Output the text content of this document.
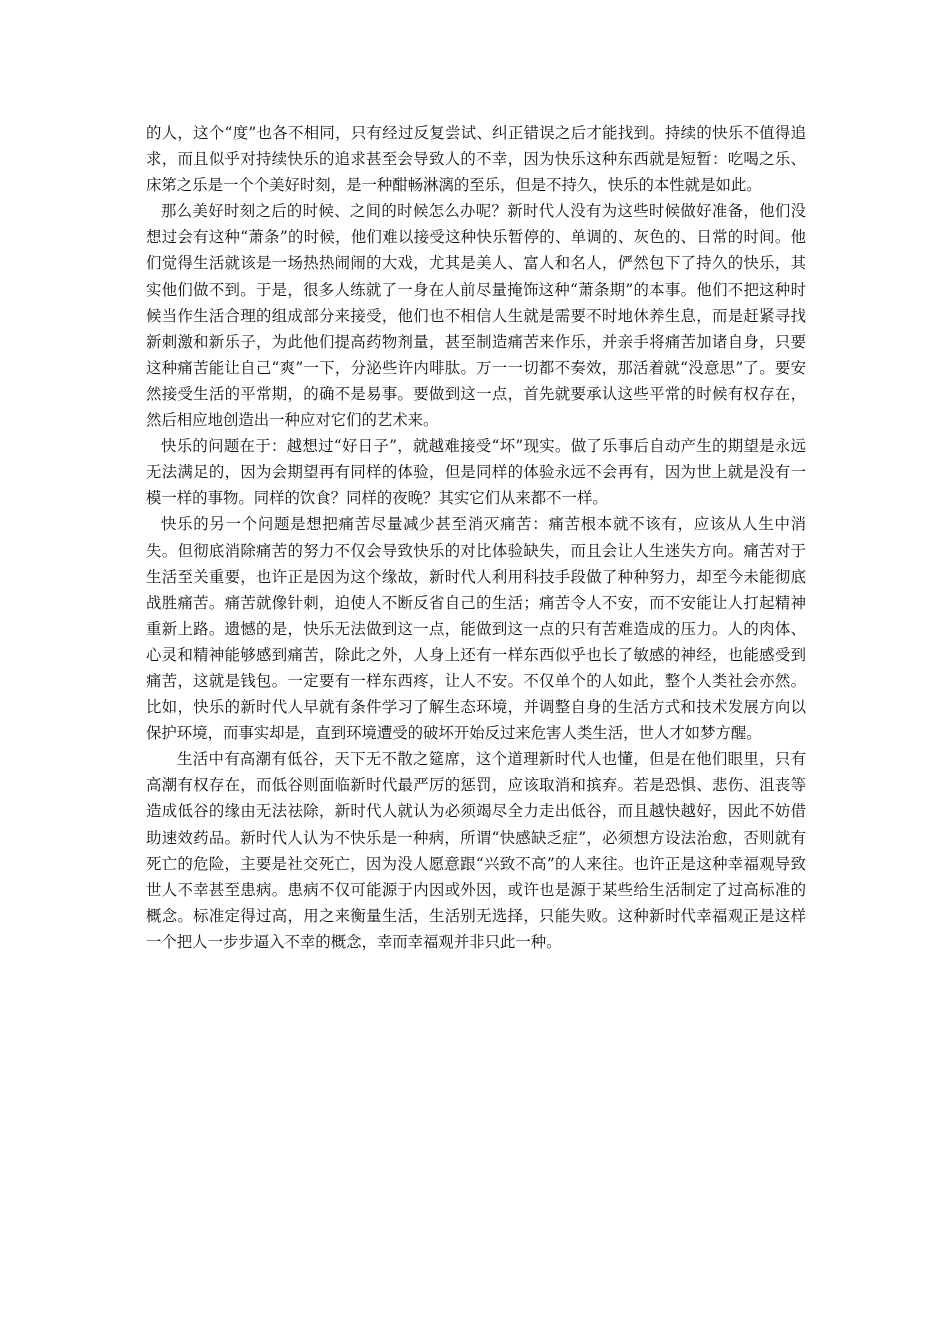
的人，这个“度”也各不相同，只有经过反复尝试、纠正错误之后才能找到。持续的快乐不值得追求，而且似乎对持续快乐的追求甚至会导致人的不幸，因为快乐这种东西就是短暂：吃喝之乐、床笫之乐是一个个美好时刻，是一种酣畅淋漓的至乐，但是不持久，快乐的本性就是如此。

那么美好时刻之后的时候、之间的时候怎么办呢？新时代人没有为这些时候做好准备，他们没想过会有这种“萧条”的时候，他们难以接受这种快乐暂停的、单调的、灰色的、日常的时间。他们觉得生活就该是一场热热闹闹的大戏，尤其是美人、富人和名人，俨然包下了持久的快乐，其实他们做不到。于是，很多人练就了一身在人前尽量掩饰这种“萧条期”的本事。他们不把这种时候当作生活合理的组成部分来接受，他们也不相信人生就是需要不时地休养生息，而是赶紧寻找新刺激和新乐子，为此他们提高药物剂量，甚至制造痛苦来作乐，并亲手将痛苦加诸自身，只要这种痛苦能让自己“爽”一下，分泌些许内啡肽。万一一切都不奏效，那活着就“没意思”了。要安然接受生活的平常期，的确不是易事。要做到这一点，首先就要承认这些平常的时候有权存在，然后相应地创造出一种应对它们的艺术来。

快乐的问题在于：越想过“好日子”，就越难接受“坏”现实。做了乐事后自动产生的期望是永远无法满足的，因为会期望再有同样的体验，但是同样的体验永远不会再有，因为世上就是没有一模一样的事物。同样的饮食？同样的夜晚？其实它们从来都不一样。

快乐的另一个问题是想把痛苦尽量减少甚至消灭痛苦：痛苦根本就不该有，应该从人生中消失。但彻底消除痛苦的努力不仅会导致快乐的对比体验缺失，而且会让人生迷失方向。痛苦对于生活至关重要，也许正是因为这个缘故，新时代人利用科技手段做了种种努力，却至今未能彻底战胜痛苦。痛苦就像针刺，迫使人不断反省自己的生活；痛苦令人不安，而不安能让人打起精神重新上路。遗憾的是，快乐无法做到这一点，能做到这一点的只有苦难造成的压力。人的肉体、心灵和精神能够感到痛苦，除此之外，人身上还有一样东西似乎也长了敏感的神经，也能感受到痛苦，这就是钱包。一定要有一样东西疼，让人不安。不仅单个的人如此，整个人类社会亦然。比如，快乐的新时代人早就有条件学习了解生态环境，并调整自身的生活方式和技术发展方向以保护环境，而事实却是，直到环境遭受的破坏开始反过来危害人类生活，世人才如梦方醒。

生活中有高潮有低谷，天下无不散之筵席，这个道理新时代人也懂，但是在他们眼里，只有高潮有权存在，而低谷则面临新时代最严厉的惩罚，应该取消和摈弃。若是恐惧、悲伤、沮丧等造成低谷的缘由无法祛除，新时代人就认为必须竭尽全力走出低谷，而且越快越好，因此不妨借助速效药品。新时代人认为不快乐是一种病，所谓“快感缺乏症”，必须想方设法治愈，否则就有死亡的危险，主要是社交死亡，因为没人愿意跟“兴致不高”的人来往。也许正是这种幸福观导致世人不幸甚至患病。患病不仅可能源于内因或外因，或许也是源于某些给生活制定了过高标准的概念。标准定得过高，用之来衡量生活，生活别无选择，只能失败。这种新时代幸福观正是这样一个把人一步步逼入不幸的概念，幸而幸福观并非只此一种。
